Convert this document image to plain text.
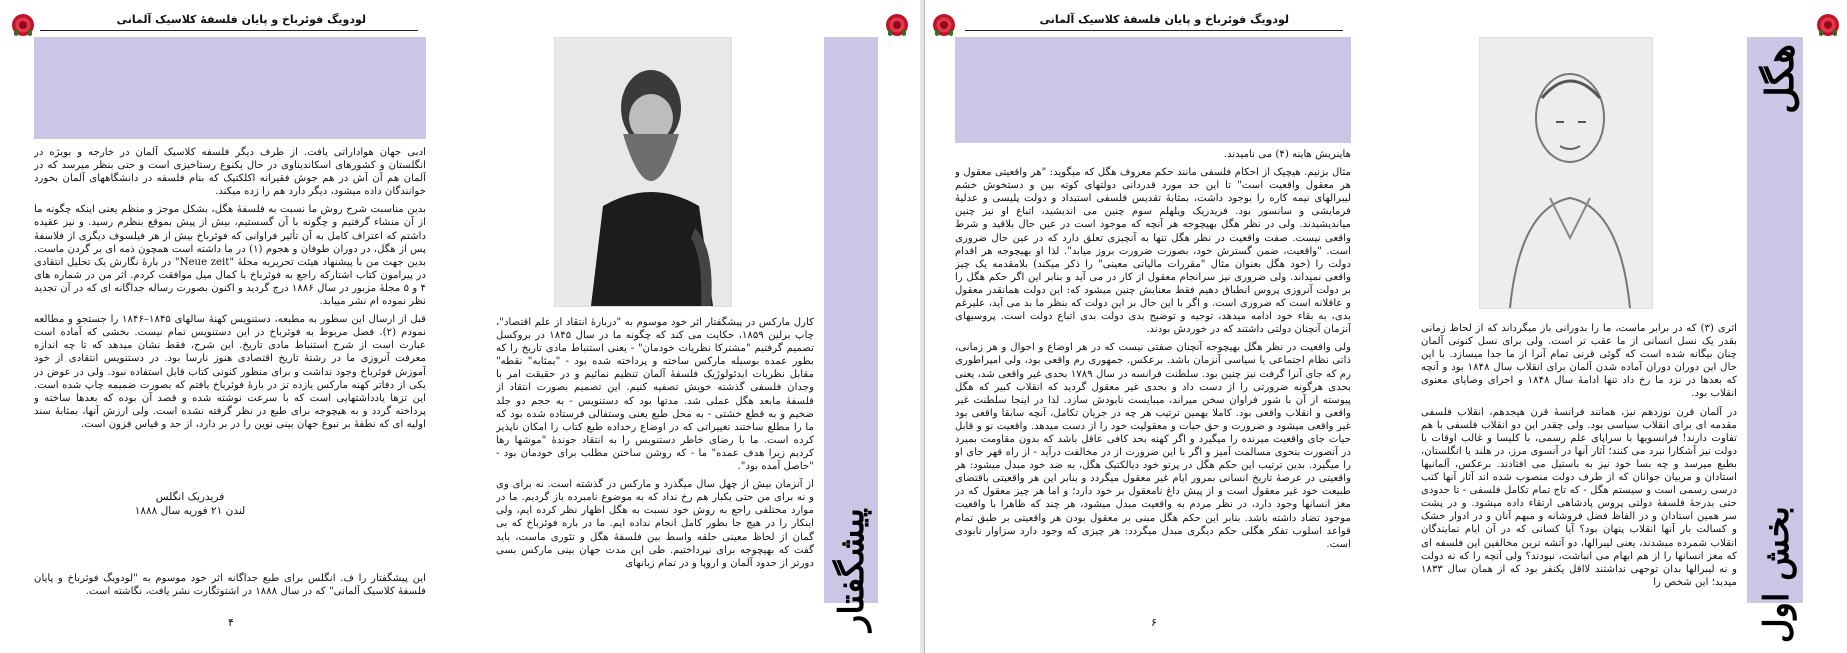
لودویگ فوئرباخ و پایان فلسفهٔ کلاسیک آلمانی

ادبی جهان هواداراتی یافت. از طرف دیگر فلسفه کلاسیک آلمان در خارجه و بویژه در انگلستان و کشورهای اسکاندیناوی در حال یکنوع رستاخیزی است و حتی بنظر میرسد که در آلمان هم آن آش در هم جوش فقیرانه اکلکتیک که بنام فلسفه در دانشگاههای آلمان بخورد خوانندگان داده میشود، دیگر دارد هم را زده میکند.

بدین مناسبت شرح روش ما نسبت به فلسفهٔ هگل، بشکل موجز و منظم یعنی اینکه چگونه ما از آن منشاء گرفتیم و چگونه با آن گسستیم، بیش از پیش بموقع بنظرم رسید. و نیز عقیده داشتم که اعتراف کامل به آن تأثیر فراوانی که فوئرباخ بیش از هر فیلسوف دیگری از فلاسفهٔ پس از هگل، در دوران طوفان و هجوم (۱) در ما داشته است همچون ذمه ای بر گردن ماست. بدین جهت من با پیشنهاد هیئت تحریریه مجلهٔ "Neue zeit" در بارهٔ نگارش یک تحلیل انتقادی در پیرامون کتاب اشتارکه راجع به فوئرباخ با کمال میل موافقت کردم. اثر من در شماره های ۴ و ۵ مجلهٔ مزبور در سال ۱۸۸۶ درج گردید و اکنون بصورت رساله جداگانه ای که در آن تجدید نظر نموده ام نشر مییابد.

قبل از ارسال این سطور به مطبعه، دستنویس کهنهٔ سالهای ۱۸۴۵–۱۸۴۶ را جستجو و مطالعه نمودم (۲). فصل مربوط به فوئرباخ در این دستنویس تمام نیست. بخشی که آماده است عبارت است از شرح استنباط مادی تاریخ. این شرح، فقط نشان میدهد که تا چه اندازه معرفت آنروزی ما در رشتهٔ تاریخ اقتصادی هنوز نارسا بود. در دستنویس انتقادی از خود آموزش فوئرباخ وجود نداشت و برای منظور کنونی کتاب قابل استفاده نبود. ولی در عوض در یکی از دفاتر کهنه مارکس یازده تز در بارهٔ فوئرباخ یافتم که بصورت ضمیمه چاپ شده است. این تزها یادداشتهایی است که با سرعت نوشته شده و قصد آن بوده که بعدها ساخته و پرداخته گردد و به هیچوجه برای طبع در نظر گرفته نشده است. ولی ارزش آنها، بمثابهٔ سند اولیه ای که نطفهٔ بر نبوغ جهان بینی نوین را در بر دارد، از حد و قیاس فزون است.

فریدریک انگلس
لندن ۲۱ فوریه سال ۱۸۸۸
این پیشگفتار را ف. انگلس برای طبع جداگانه اثر خود موسوم به "لودویگ فوئرباخ و پایان فلسفهٔ کلاسیک آلمانی" که در سال ۱۸۸۸ در اشتوتگارت نشر یافت، نگاشته است.
۴	پیشگفتار

کارل مارکس در پیشگفتار اثر خود موسوم به "دربارهٔ انتقاد از علم اقتصاد"، چاپ برلین ۱۸۵۹، حکایت می کند که چگونه ما در سال ۱۸۴۵ در بروکسل تصمیم گرفتیم "مشترکا نظریات خودمان" - یعنی استنباط مادی تاریخ را که بطور عمده بوسیله مارکس ساخته و پرداخته شده بود - "بمثابه" نقطه" مقابل نظریات ایدئولوژیک فلسفهٔ آلمان تنظیم نمائیم و در حقیقت امر با وجدان فلسفی گذشته خویش تصفیه کنیم. این تصمیم بصورت انتقاد از فلسفهٔ مابعد هگل عملی شد. مدتها بود که دستنویس - به حجم دو جلد ضخیم و به قطع خشتی - به محل طبع یعنی وستفالی فرستاده شده بود که ما را مطلع ساختند تغییراتی که در اوضاع رخداده طبع کتاب را امکان ناپذیر کرده است. ما با رضای خاطر دستنویس را به انتقاد جوندهٔ "موشها رها کردیم زیرا هدف عمده" ما - که روشن ساختن مطلب برای خودمان بود - "حاصل آمده بود".

از آنزمان بیش از چهل سال میگذرد و مارکس در گذشته است. نه برای وی و نه برای من حتی یکبار هم رخ نداد که به موضوع نامبرده باز گردیم. ما در موارد مختلفی راجع به روش خود نسبت به هگل اظهار نظر کرده ایم، ولی اینکار را در هیچ جا بطور کامل انجام نداده ایم. ما در باره فوئرباخ که بی گمان از لحاظ معینی حلقه واسط بین فلسفهٔ هگل و تئوری ماست، باید گفت که بهیچوجه برای نپرداختیم. طی این مدت جهان بینی مارکس بسی دورتر از حدود آلمان و اروپا و در تمام زبانهای

لودویگ فوئرباخ و پایان فلسفهٔ کلاسیک آلمانی

هاینریش هاینه (۴) می نامیدند.

مثال بزنیم. هیچیک از احکام فلسفی مانند حکم معروف هگل که میگوید: "هر واقعیتی معقول و هر معقول واقعیت است" تا این حد مورد قدردانی دولتهای کوته بین و دستخوش خشم لیبرالهای نیمه کاره را بوجود داشت، بمثابهٔ تقدیس فلسفی استبداد و دولت پلیسی و عدلیهٔ فرمایشی و سانسور بود. فریدریک ویلهلم سوم چنین می اندیشید، اتباع او نیز چنین میاندیشیدند. ولی در نظر هگل بهیچوجه هر آنچه که موجود است در عین حال بلاقید و شرط واقعی نیست. صفت واقعیت در نظر هگل تنها به آنچیزی تعلق دارد که در عین حال ضروری است. "واقعیت، ضمن گسترش خود، بصورت ضرورت بروز میابد". لذا او بهیچوجه هر اقدام دولت را (خود هگل بعنوان مثال "مقررات مالیاتی معینی" را ذکر میکند) بلامقدمه یک چیز واقعی نمیداند. ولی ضروری نیز سرانجام معقول از کار در می آید و بنابر این اگر حکم هگل را بر دولت آنروزی پروس انطباق دهیم فقط معنایش چنین میشود که: این دولت همانقدر معقول و عاقلانه است که ضروری است. و اگر با این حال بر این دولت که بنظر ما بد می آید، علیرغم بدی، به بقاء خود ادامه میدهد، توجیه و توضیح بدی دولت بدی اتباع دولت است. پروسیهای آنزمان آنچنان دولتی داشتند که در خوردش بودند.

ولی واقعیت در نظر هگل بهیچوجه آنچنان صفتی نیست که در هر اوضاع و احوال و هر زمانی، ذاتی نظام اجتماعی یا سیاسی آنزمان باشد. برعکس. جمهوری رم واقعی بود، ولی امپراطوری رم که جای آنرا گرفت نیز چنین بود. سلطنت فرانسه در سال ۱۷۸۹ بحدی غیر واقعی شد، یعنی بحدی هرگونه ضرورتی را از دست داد و بحدی غیر معقول گردید که انقلاب کبیر که هگل پیوسته از آن با شور فراوان سخن میراند، میبایست نابودش سازد. لذا در اینجا سلطنت غیر واقعی و انقلاب واقعی بود. کاملا بهمین ترتیب هر چه در جریان تکامل، آنچه سابقا واقعی بود غیر واقعی میشود و ضرورت و حق حیات و معقولیت خود را از دست میدهد. واقعیت نو و قابل حیات جای واقعیت میرنده را میگیرد و اگر کهنه بحد کافی عاقل باشد که بدون مقاومت بمیرد در آنصورت بنحوی مسالمت آمیز و اگر با این ضرورت از در مخالفت درآید - از راه قهر جای او را میگیرد. بدین ترتیب این حکم هگل در پرتو خود دیالکتیک هگل، به ضد خود مبدل میشود: هر واقعیتی در عرصهٔ تاریخ انسانی بمرور ایام غیر معقول میگردد و بنابر این هر واقعیتی باقتضای طبیعت خود غیر معقول است و از پیش داغ نامعقول بر خود دارد؛ و اما هر چیز معقول که در مغز انسانها وجود دارد، در نظر مردم به واقعیت مبدل میشود، هر چند که ظاهرا با واقعیت موجود تضاد داشته باشد. بنابر این حکم هگل مبنی بر معقول بودن هر واقعیتی بر طبق تمام قواعد اسلوب تفکر هگلی حکم دیگری مبدل میگردد: هر چیزی که وجود دارد سزاوار نابودی است.

۶
هگل
بخش اول

اثری (۳) که در برابر ماست، ما را بدورانی باز میگرداند که از لحاظ زمانی بقدر یک نسل انسانی از ما عقب تر است. ولی برای نسل کنونی آلمان چنان بیگانه شده است که گوئی قرنی تمام آنرا از ما جدا میسازد. با این حال این دوران دوران آماده شدن آلمان برای انقلاب سال ۱۸۴۸ بود و آنچه که بعدها در نزد ما رخ داد تنها ادامهٔ سال ۱۸۴۸ و اجرای وصایای معنوی انقلاب بود.

در آلمان قرن نوزدهم نیز، همانند فرانسهٔ قرن هیجدهم، انقلاب فلسفی مقدمه ای برای انقلاب سیاسی بود. ولی چقدر این دو انقلاب فلسفی با هم تفاوت دارند! فرانسویها با سراپای علم رسمی، با کلیسا و غالب اوقات با دولت نیز آشکارا نبرد می کنند؛ آثار آنها در آنسوی مرز، در هلند یا انگلستان، بطبع میرسد و چه بسا خود نیز به باستیل می افتادند. برعکس، آلمانیها استادان و مربیان جوانان که از طرف دولت منصوب شده اند آثار آنها کتب درسی رسمی است و سیستم هگل - که تاج تمام تکامل فلسفی - تا حدودی حتی بدرجهٔ فلسفهٔ دولتی پروس پادشاهی ارتقاء داده میشود. و در پشت سر همین استادان و در الفاظ فضل فروشانه و مبهم آنان و در ادوار خشک و کسالت بار آنها انقلاب پنهان بود؟ آیا کسانی که در آن ایام نمایندگان انقلاب شمرده میشدند، یعنی لیبرالها، دو آتشه ترین مخالفین این فلسفه ای که مغز انسانها را از هم ابهام می انباشت، نبودند؟ ولی آنچه را که نه دولت و نه لیبرالها بدان توجهی نداشتند لااقل یکنفر بود که از همان سال ۱۸۳۳ میدید؛ این شخص را
